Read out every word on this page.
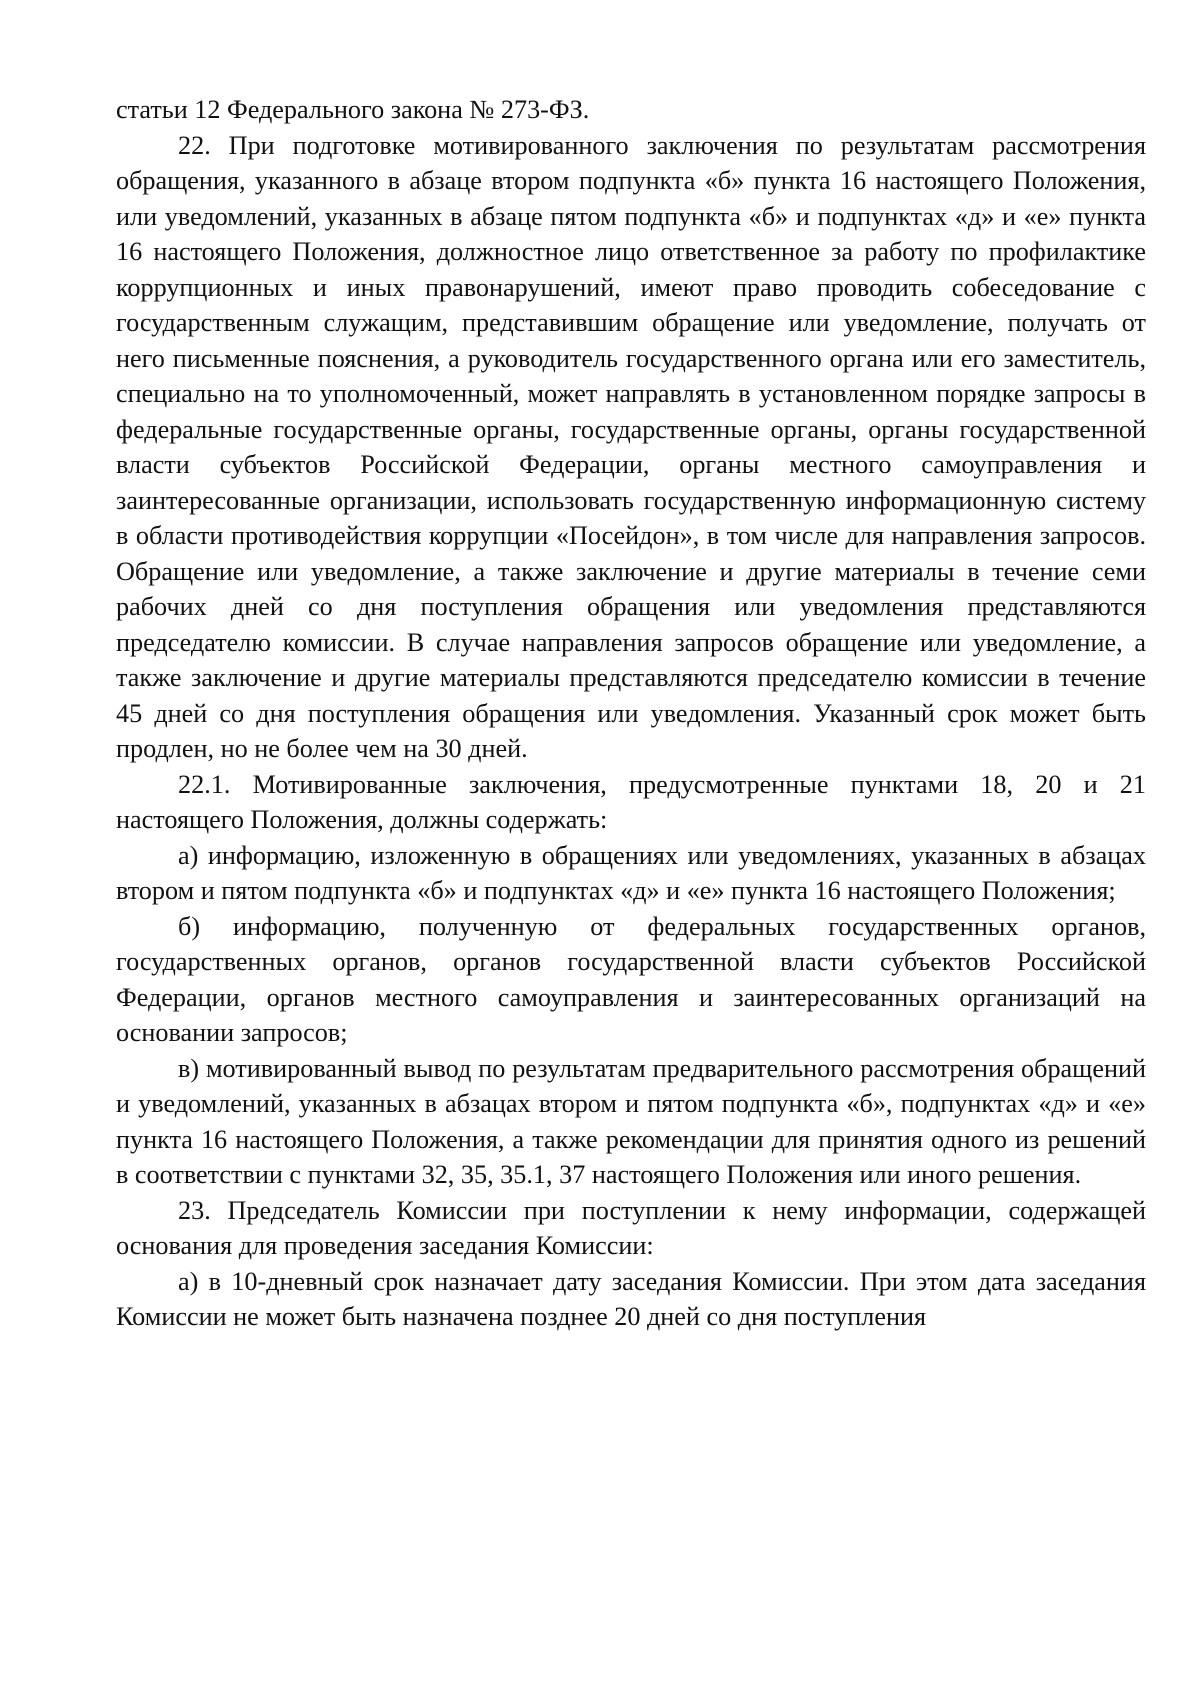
статьи 12 Федерального закона № 273-ФЗ.

22. При подготовке мотивированного заключения по результатам рассмотрения обращения, указанного в абзаце втором подпункта «б» пункта 16 настоящего Положения, или уведомлений, указанных в абзаце пятом подпункта «б» и подпунктах «д» и «е» пункта 16 настоящего Положения, должностное лицо ответственное за работу по профилактике коррупционных и иных правонарушений, имеют право проводить собеседование с государственным служащим, представившим обращение или уведомление, получать от него письменные пояснения, а руководитель государственного органа или его заместитель, специально на то уполномоченный, может направлять в установленном порядке запросы в федеральные государственные органы, государственные органы, органы государственной власти субъектов Российской Федерации, органы местного самоуправления и заинтересованные организации, использовать государственную информационную систему в области противодействия коррупции «Посейдон», в том числе для направления запросов. Обращение или уведомление, а также заключение и другие материалы в течение семи рабочих дней со дня поступления обращения или уведомления представляются председателю комиссии. В случае направления запросов обращение или уведомление, а также заключение и другие материалы представляются председателю комиссии в течение 45 дней со дня поступления обращения или уведомления. Указанный срок может быть продлен, но не более чем на 30 дней.

22.1. Мотивированные заключения, предусмотренные пунктами 18, 20 и 21 настоящего Положения, должны содержать:

а) информацию, изложенную в обращениях или уведомлениях, указанных в абзацах втором и пятом подпункта «б» и подпунктах «д» и «е» пункта 16 настоящего Положения;

б) информацию, полученную от федеральных государственных органов, государственных органов, органов государственной власти субъектов Российской Федерации, органов местного самоуправления и заинтересованных организаций на основании запросов;

в) мотивированный вывод по результатам предварительного рассмотрения обращений и уведомлений, указанных в абзацах втором и пятом подпункта «б», подпунктах «д» и «е» пункта 16 настоящего Положения, а также рекомендации для принятия одного из решений в соответствии с пунктами 32, 35, 35.1, 37 настоящего Положения или иного решения.

23. Председатель Комиссии при поступлении к нему информации, содержащей основания для проведения заседания Комиссии:

а) в 10-дневный срок назначает дату заседания Комиссии. При этом дата заседания Комиссии не может быть назначена позднее 20 дней со дня поступления
